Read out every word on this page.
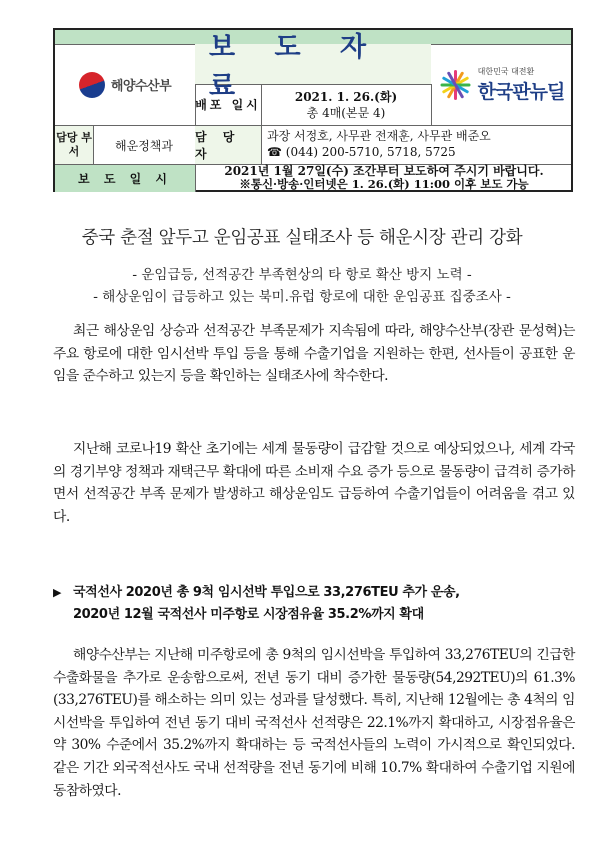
해양수산부
보 도 자 료
배포 일시
2021. 1. 26.(화)
총 4매(본문 4)
대한민국 대전환
한국판뉴딜
담당 부서	해운정책과
담 당 자
과장 서정호, 사무관 전재훈, 사무관 배준오
☎ (044) 200-5710, 5718, 5725
보 도 일 시
2021년 1월 27일(수) 조간부터 보도하여 주시기 바랍니다.
※통신·방송·인터넷은 1. 26.(화) 11:00 이후 보도 가능
중국 춘절 앞두고 운임공표 실태조사 등 해운시장 관리 강화
- 운임급등, 선적공간 부족현상의 타 항로 확산 방지 노력 -
- 해상운임이 급등하고 있는 북미.유럽 항로에 대한 운임공표 집중조사 -

최근 해상운임 상승과 선적공간 부족문제가 지속됨에 따라, 해양수산부(장관 문성혁)는 주요 항로에 대한 임시선박 투입 등을 통해 수출기업을 지원하는 한편, 선사들이 공표한 운임을 준수하고 있는지 등을 확인하는 실태조사에 착수한다.

지난해 코로나19 확산 초기에는 세계 물동량이 급감할 것으로 예상되었으나, 세계 각국의 경기부양 정책과 재택근무 확대에 따른 소비재 수요 증가 등으로 물동량이 급격히 증가하면서 선적공간 부족 문제가 발생하고 해상운임도 급등하여 수출기업들이 어려움을 겪고 있다.

▶ 국적선사 2020년 총 9척 임시선박 투입으로 33,276TEU 추가 운송,
2020년 12월 국적선사 미주항로 시장점유율 35.2%까지 확대

해양수산부는 지난해 미주항로에 총 9척의 임시선박을 투입하여 33,276TEU의 긴급한 수출화물을 추가로 운송함으로써, 전년 동기 대비 증가한 물동량(54,292TEU)의 61.3%(33,276TEU)를 해소하는 의미 있는 성과를 달성했다. 특히, 지난해 12월에는 총 4척의 임시선박을 투입하여 전년 동기 대비 국적선사 선적량은 22.1%까지 확대하고, 시장점유율은 약 30% 수준에서 35.2%까지 확대하는 등 국적선사들의 노력이 가시적으로 확인되었다. 같은 기간 외국적선사도 국내 선적량을 전년 동기에 비해 10.7% 확대하여 수출기업 지원에 동참하였다.
